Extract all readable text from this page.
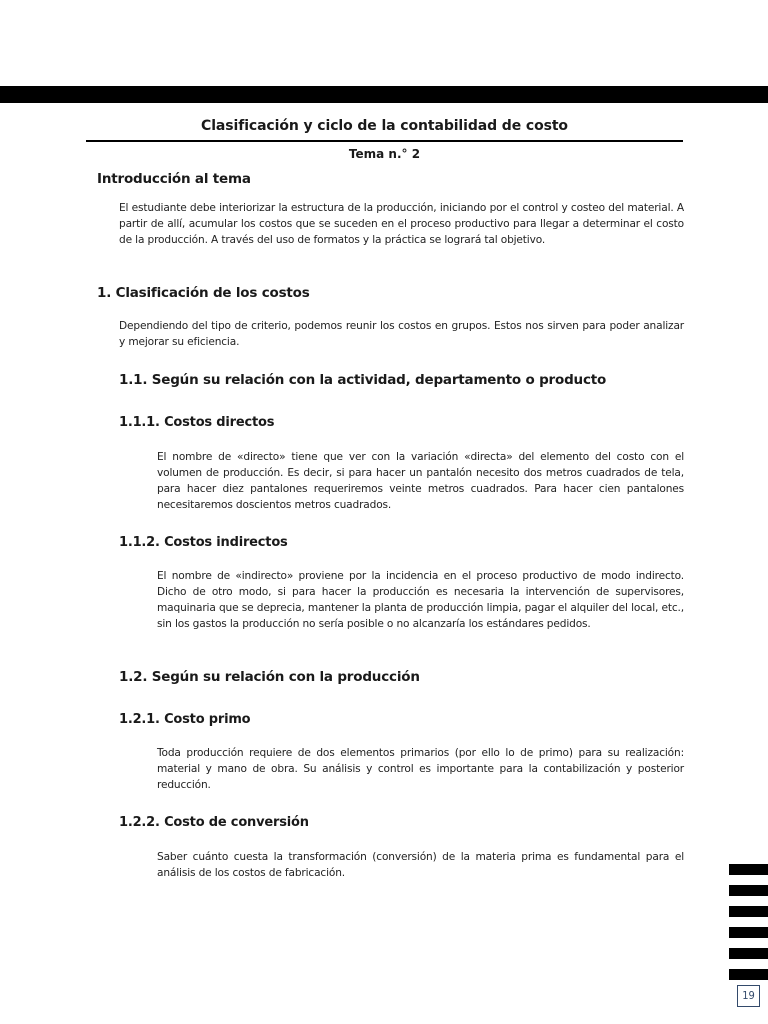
Clasificación y ciclo de la contabilidad de costo
Tema n.° 2
Introducción al tema

El estudiante debe interiorizar la estructura de la producción, iniciando por el control y costeo del material. A partir de allí, acumular los costos que se suceden en el proceso productivo para llegar a determinar el costo de la producción. A través del uso de formatos y la práctica se logrará tal objetivo.

1. Clasificación de los costos

Dependiendo del tipo de criterio, podemos reunir los costos en grupos. Estos nos sirven para poder analizar y mejorar su eficiencia.

1.1. Según su relación con la actividad, departamento o producto
1.1.1. Costos directos

El nombre de «directo» tiene que ver con la variación «directa» del elemento del costo con el volumen de producción. Es decir, si para hacer un pantalón necesito dos metros cuadrados de tela, para hacer diez pantalones requeriremos veinte metros cuadrados. Para hacer cien pantalones necesitaremos doscientos metros cuadrados.

1.1.2. Costos indirectos

El nombre de «indirecto» proviene por la incidencia en el proceso productivo de modo indirecto. Dicho de otro modo, si para hacer la producción es necesaria la intervención de supervisores, maquinaria que se deprecia, mantener la planta de producción limpia, pagar el alquiler del local, etc., sin los gastos la producción no sería posible o no alcanzaría los estándares pedidos.

1.2. Según su relación con la producción
1.2.1. Costo primo

Toda producción requiere de dos elementos primarios (por ello lo de primo) para su realización: material y mano de obra. Su análisis y control es importante para la contabilización y posterior reducción.

1.2.2. Costo de conversión

Saber cuánto cuesta la transformación (conversión) de la materia prima es fundamental para el análisis de los costos de fabricación.

19
